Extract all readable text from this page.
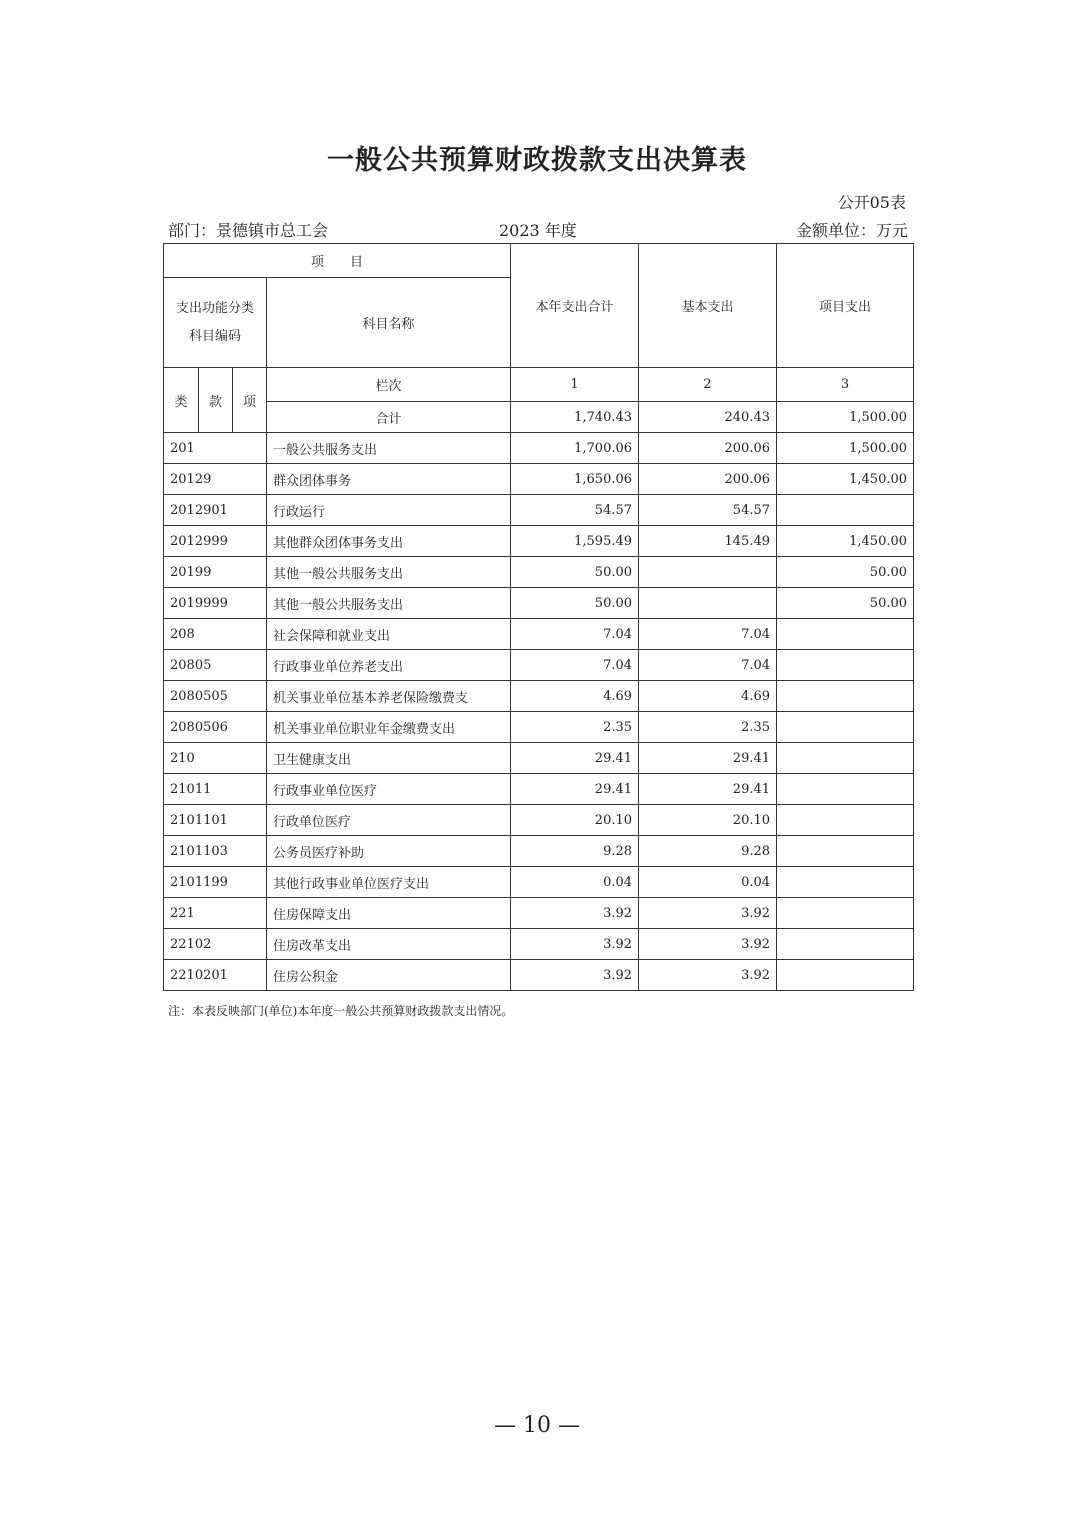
一般公共预算财政拨款支出决算表
公开05表
部门：景德镇市总工会	2023 年度	金额单位：万元
项　　目				本年支出合计	基本支出	项目支出
支出功能分类科目编码			科目名称			
类	款	项	栏次	1	2	3
			合计	1,740.43	240.43	1,500.00
201			一般公共服务支出	1,700.06	200.06	1,500.00
20129			群众团体事务	1,650.06	200.06	1,450.00
2012901			行政运行	54.57	54.57	
2012999			其他群众团体事务支出	1,595.49	145.49	1,450.00
20199			其他一般公共服务支出	50.00		50.00
2019999			其他一般公共服务支出	50.00		50.00
208			社会保障和就业支出	7.04	7.04	
20805			行政事业单位养老支出	7.04	7.04	
2080505			机关事业单位基本养老保险缴费支	4.69	4.69	
2080506			机关事业单位职业年金缴费支出	2.35	2.35	
210			卫生健康支出	29.41	29.41	
21011			行政事业单位医疗	29.41	29.41	
2101101			行政单位医疗	20.10	20.10	
2101103			公务员医疗补助	9.28	9.28	
2101199			其他行政事业单位医疗支出	0.04	0.04	
221			住房保障支出	3.92	3.92	
22102			住房改革支出	3.92	3.92	
2210201			住房公积金	3.92	3.92	
注：本表反映部门(单位)本年度一般公共预算财政拨款支出情况。
— 10 —
